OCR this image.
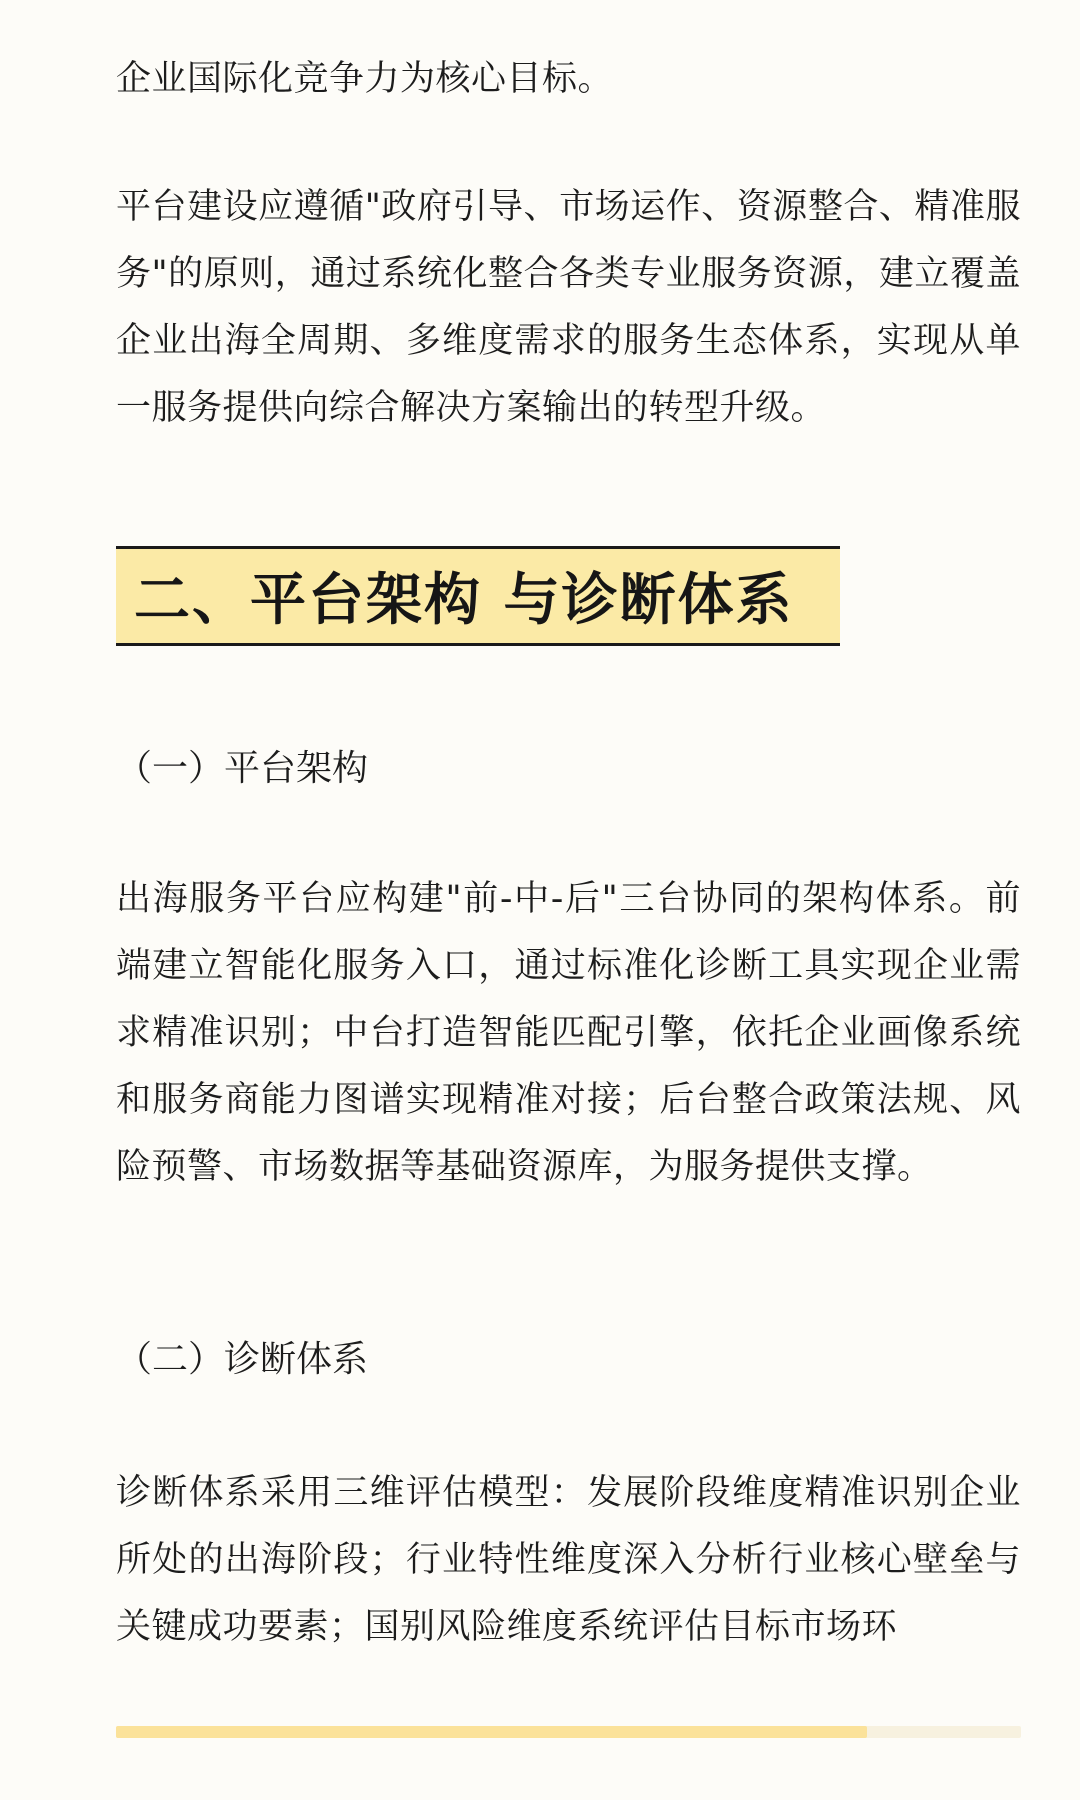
企业国际化竞争力为核心目标。

平台建设应遵循"政府引导、市场运作、资源整合、精准服务"的原则，通过系统化整合各类专业服务资源，建立覆盖企业出海全周期、多维度需求的服务生态体系，实现从单一服务提供向综合解决方案输出的转型升级。

二、平台架构 与诊断体系
（一）平台架构

出海服务平台应构建"前-中-后"三台协同的架构体系。前端建立智能化服务入口，通过标准化诊断工具实现企业需求精准识别；中台打造智能匹配引擎，依托企业画像系统和服务商能力图谱实现精准对接；后台整合政策法规、风险预警、市场数据等基础资源库，为服务提供支撑。

（二）诊断体系

诊断体系采用三维评估模型：发展阶段维度精准识别企业所处的出海阶段；行业特性维度深入分析行业核心壁垒与关键成功要素；国别风险维度系统评估目标市场环
